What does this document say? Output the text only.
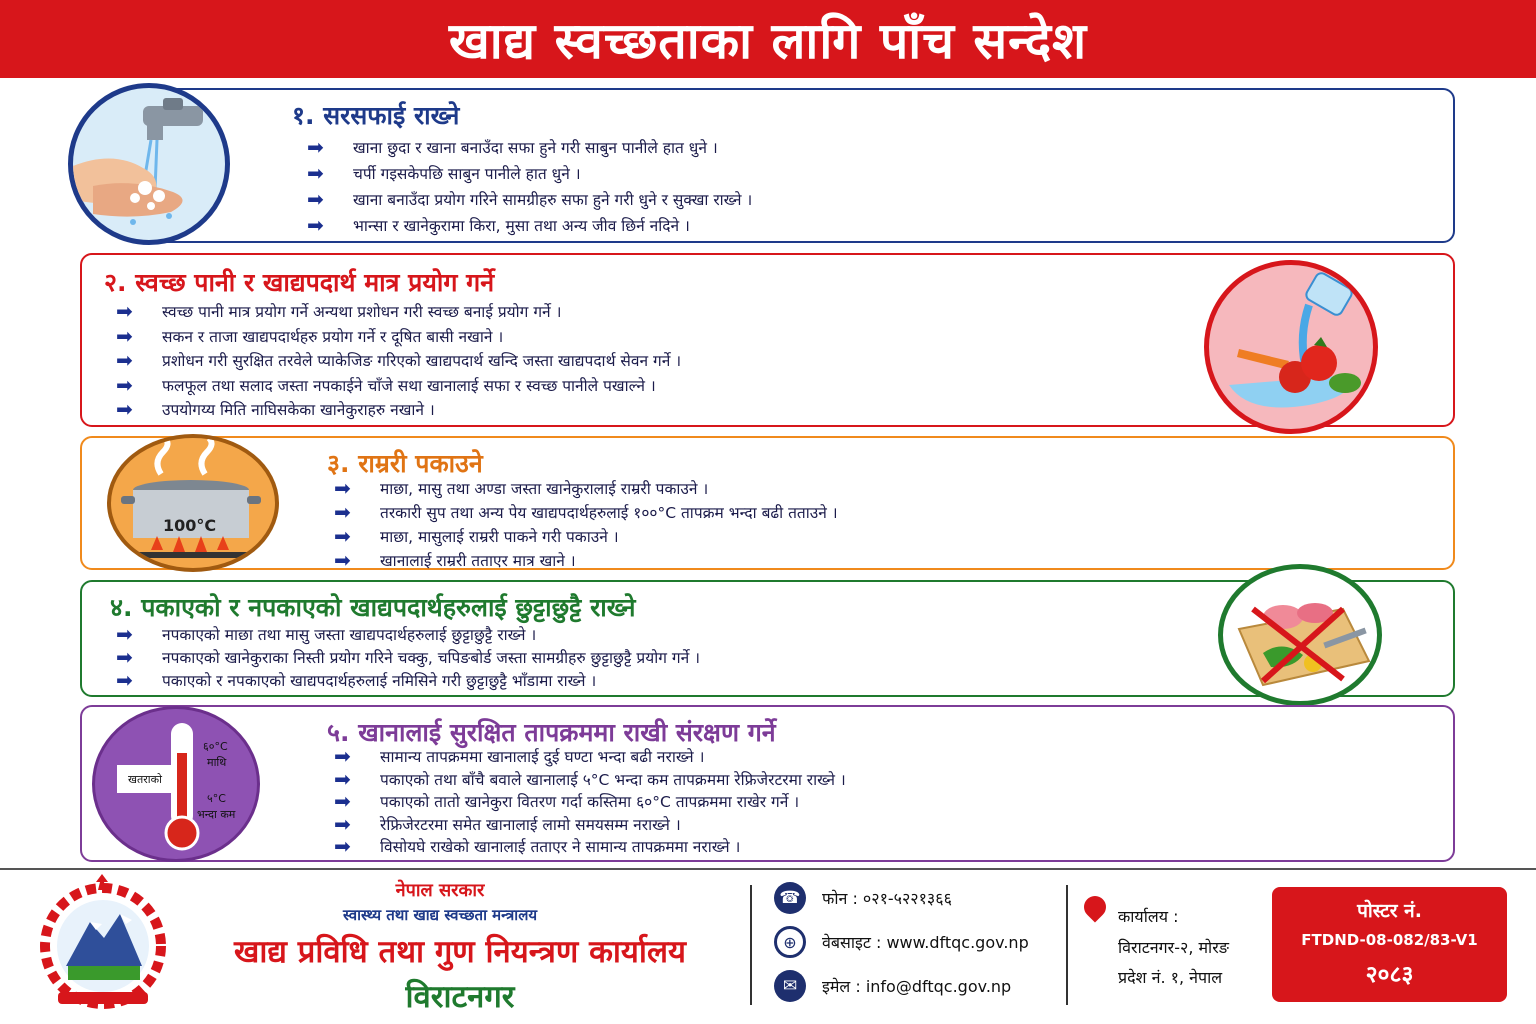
खाद्य स्वच्छताका लागि पाँच सन्देश
१. सरसफाई राख्ने
➡	खाना छुदा र खाना बनाउँदा सफा हुने गरी साबुन पानीले हात धुने ।
➡	चर्पी गइसकेपछि साबुन पानीले हात धुने ।
➡	खाना बनाउँदा प्रयोग गरिने सामग्रीहरु सफा हुने गरी धुने र सुक्खा राख्ने ।
➡	भान्सा र खानेकुरामा किरा, मुसा तथा अन्य जीव छिर्न नदिने ।
२. स्वच्छ पानी र खाद्यपदार्थ मात्र प्रयोग गर्ने
➡	स्वच्छ पानी मात्र प्रयोग गर्ने अन्यथा प्रशोधन गरी स्वच्छ बनाई प्रयोग गर्ने ।
➡	सकन र ताजा खाद्यपदार्थहरु प्रयोग गर्ने र दूषित बासी नखाने ।
➡	प्रशोधन गरी सुरक्षित तरवेले प्याकेजिङ गरिएको खाद्यपदार्थ खन्दि जस्ता खाद्यपदार्थ सेवन गर्ने ।
➡	फलफूल तथा सलाद जस्ता नपकाईने चाँजे सथा खानालाई सफा र स्वच्छ पानीले पखाल्ने ।
➡	उपयोगय्य मिति नाघिसकेका खानेकुराहरु नखाने ।
३. राम्ररी पकाउने
➡	माछा, मासु तथा अण्डा जस्ता खानेकुरालाई राम्ररी पकाउने ।
➡	तरकारी सुप तथा अन्य पेय खाद्यपदार्थहरुलाई १००°C तापक्रम भन्दा बढी तताउने ।
➡	माछा, मासुलाई राम्ररी पाकने गरी पकाउने ।
➡	खानालाई राम्ररी तताएर मात्र खाने ।
100°C
४. पकाएको र नपकाएको खाद्यपदार्थहरुलाई छुट्टाछुट्टै राख्ने
➡	नपकाएको माछा तथा मासु जस्ता खाद्यपदार्थहरुलाई छुट्टाछुट्टै राख्ने ।
➡	नपकाएको खानेकुराका निस्ती प्रयोग गरिने चक्कु, चपिङबोर्ड जस्ता सामग्रीहरु छुट्टाछुट्टै प्रयोग गर्ने ।
➡	पकाएको र नपकाएको खाद्यपदार्थहरुलाई नमिसिने गरी छुट्टाछुट्टै भाँडामा राख्ने ।
५. खानालाई सुरक्षित तापक्रममा राखी संरक्षण गर्ने
➡	सामान्य तापक्रममा खानालाई दुई घण्टा भन्दा बढी नराख्ने ।
➡	पकाएको तथा बाँचै बवाले खानालाई ५°C भन्दा कम तापक्रममा रेफ्रिजेरटरमा राख्ने ।
➡	पकाएको तातो खानेकुरा वितरण गर्दा कस्तिमा ६०°C तापक्रममा राखेर गर्ने ।
➡	रेफ्रिजेरटरमा समेत खानालाई लामो समयसम्म नराख्ने ।
➡	विसोयघे राखेको खानालाई तताएर ने सामान्य तापक्रममा नराख्ने ।
खतराको
६०°C
माथि
५°C
भन्दा कम
नेपाल सरकार
स्वास्थ्य तथा खाद्य स्वच्छता मन्त्रालय
खाद्य प्रविधि तथा गुण नियन्त्रण कार्यालय
विराटनगर
☎	फोन : ०२१-५२२१३६६
⊕	वेबसाइट : www.dftqc.gov.np
✉	इमेल : info@dftqc.gov.np
कार्यालय :
विराटनगर-२, मोरङ
प्रदेश नं. १, नेपाल
पोस्टर नं.
FTDND-08-082/83-V1
२०८३
